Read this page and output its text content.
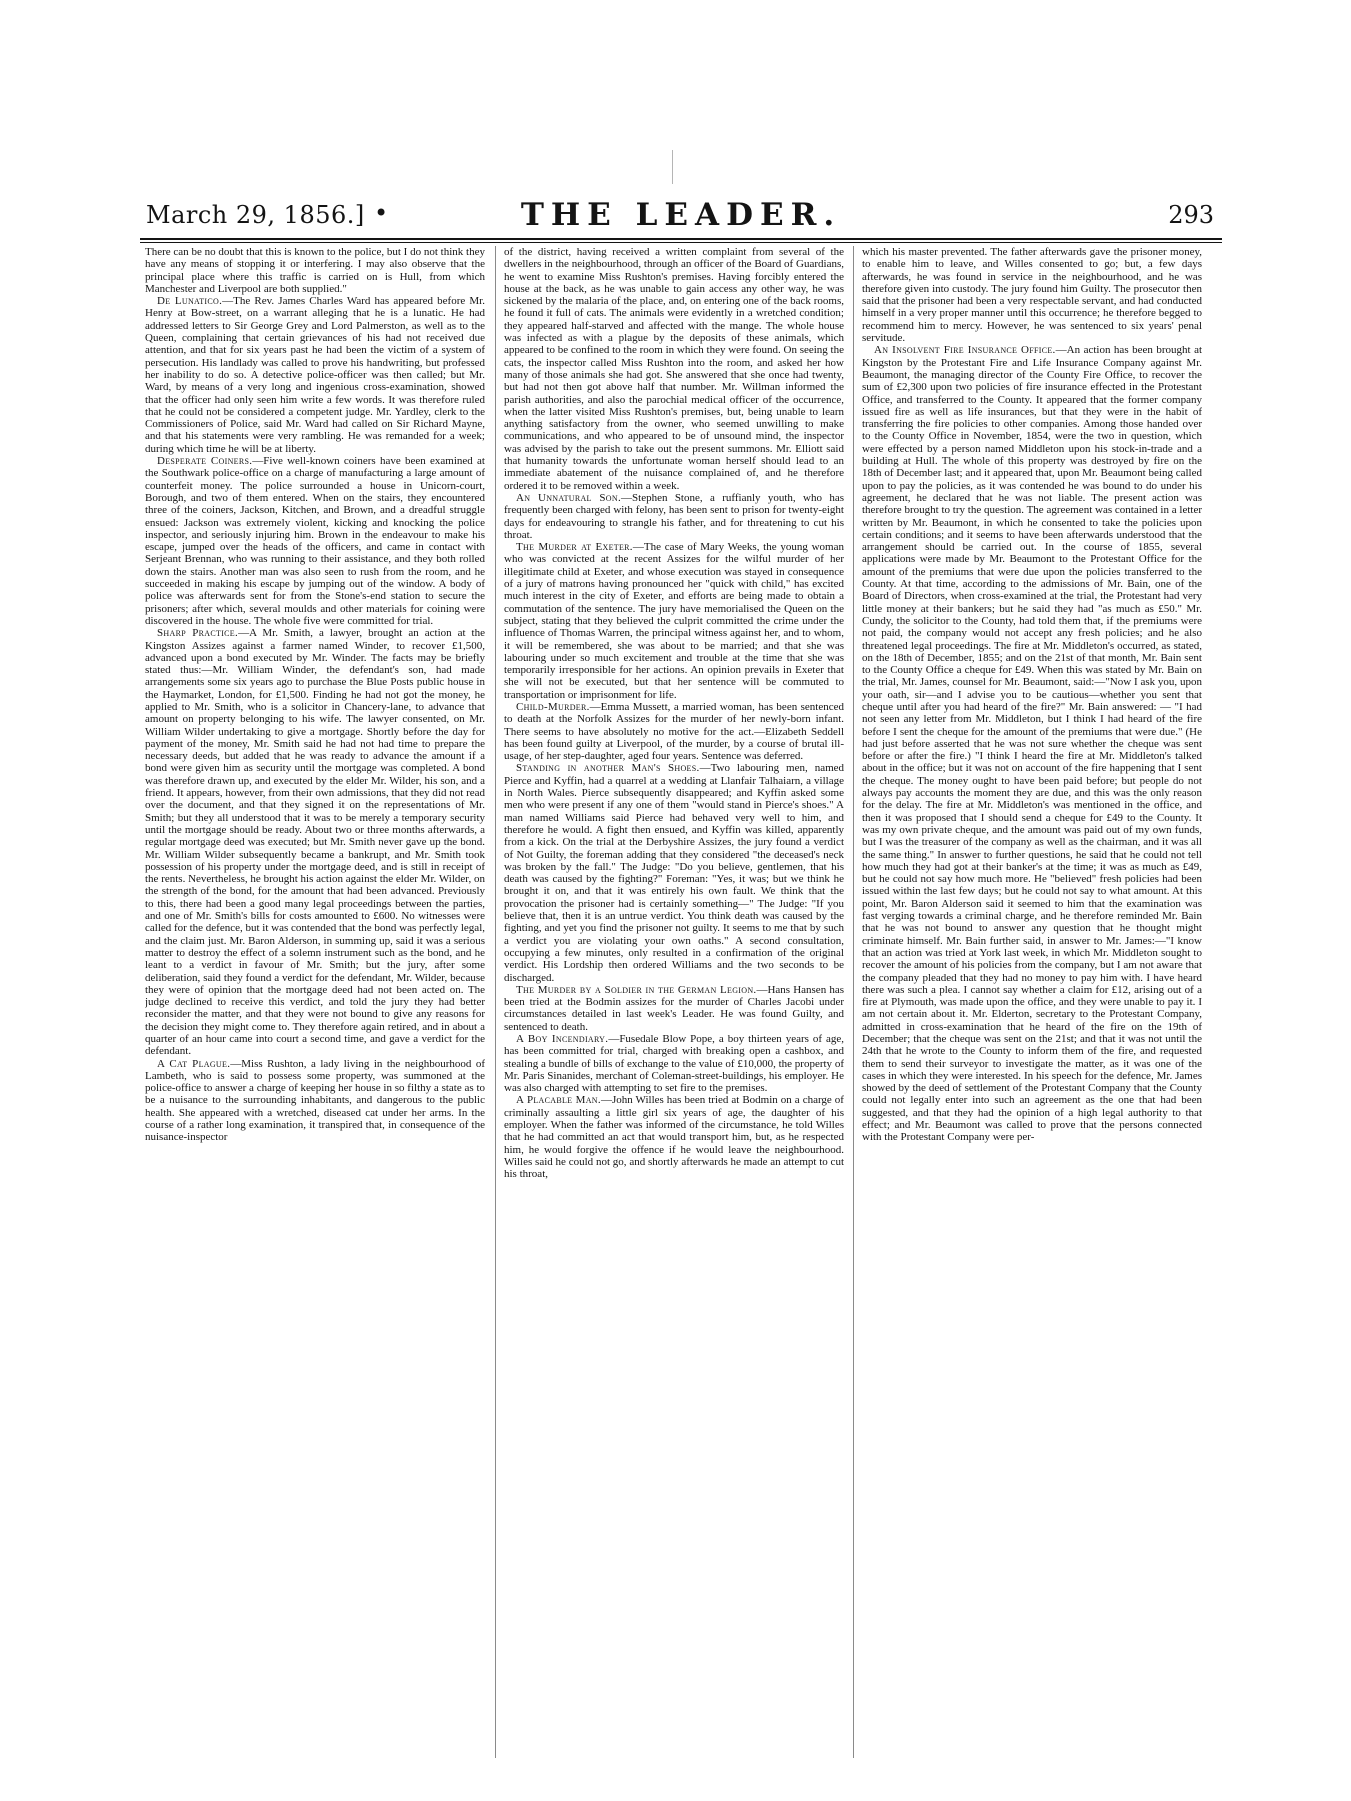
March 29, 1856.] •	THE LEADER.	293

There can be no doubt that this is known to the police, but I do not think they have any means of stopping it or interfering. I may also observe that the principal place where this traffic is carried on is Hull, from which Manchester and Liverpool are both supplied."

De Lunatico.—The Rev. James Charles Ward has appeared before Mr. Henry at Bow-street, on a warrant alleging that he is a lunatic. He had addressed letters to Sir George Grey and Lord Palmerston, as well as to the Queen, complaining that certain grievances of his had not received due attention, and that for six years past he had been the victim of a system of persecution. His landlady was called to prove his handwriting, but professed her inability to do so. A detective police-officer was then called; but Mr. Ward, by means of a very long and ingenious cross-examination, showed that the officer had only seen him write a few words. It was therefore ruled that he could not be considered a competent judge. Mr. Yardley, clerk to the Commissioners of Police, said Mr. Ward had called on Sir Richard Mayne, and that his statements were very rambling. He was remanded for a week; during which time he will be at liberty.

Desperate Coiners.—Five well-known coiners have been examined at the Southwark police-office on a charge of manufacturing a large amount of counterfeit money. The police surrounded a house in Unicorn-court, Borough, and two of them entered. When on the stairs, they encountered three of the coiners, Jackson, Kitchen, and Brown, and a dreadful struggle ensued: Jackson was extremely violent, kicking and knocking the police inspector, and seriously injuring him. Brown in the endeavour to make his escape, jumped over the heads of the officers, and came in contact with Serjeant Brennan, who was running to their assistance, and they both rolled down the stairs. Another man was also seen to rush from the room, and he succeeded in making his escape by jumping out of the window. A body of police was afterwards sent for from the Stone's-end station to secure the prisoners; after which, several moulds and other materials for coining were discovered in the house. The whole five were committed for trial.

Sharp Practice.—A Mr. Smith, a lawyer, brought an action at the Kingston Assizes against a farmer named Winder, to recover £1,500, advanced upon a bond executed by Mr. Winder. The facts may be briefly stated thus:—Mr. William Winder, the defendant's son, had made arrangements some six years ago to purchase the Blue Posts public house in the Haymarket, London, for £1,500. Finding he had not got the money, he applied to Mr. Smith, who is a solicitor in Chancery-lane, to advance that amount on property belonging to his wife. The lawyer consented, on Mr. William Wilder undertaking to give a mortgage. Shortly before the day for payment of the money, Mr. Smith said he had not had time to prepare the necessary deeds, but added that he was ready to advance the amount if a bond were given him as security until the mortgage was completed. A bond was therefore drawn up, and executed by the elder Mr. Wilder, his son, and a friend. It appears, however, from their own admissions, that they did not read over the document, and that they signed it on the representations of Mr. Smith; but they all understood that it was to be merely a temporary security until the mortgage should be ready. About two or three months afterwards, a regular mortgage deed was executed; but Mr. Smith never gave up the bond. Mr. William Wilder subsequently became a bankrupt, and Mr. Smith took possession of his property under the mortgage deed, and is still in receipt of the rents. Nevertheless, he brought his action against the elder Mr. Wilder, on the strength of the bond, for the amount that had been advanced. Previously to this, there had been a good many legal proceedings between the parties, and one of Mr. Smith's bills for costs amounted to £600. No witnesses were called for the defence, but it was contended that the bond was perfectly legal, and the claim just. Mr. Baron Alderson, in summing up, said it was a serious matter to destroy the effect of a solemn instrument such as the bond, and he leant to a verdict in favour of Mr. Smith; but the jury, after some deliberation, said they found a verdict for the defendant, Mr. Wilder, because they were of opinion that the mortgage deed had not been acted on. The judge declined to receive this verdict, and told the jury they had better reconsider the matter, and that they were not bound to give any reasons for the decision they might come to. They therefore again retired, and in about a quarter of an hour came into court a second time, and gave a verdict for the defendant.

A Cat Plague.—Miss Rushton, a lady living in the neighbourhood of Lambeth, who is said to possess some property, was summoned at the police-office to answer a charge of keeping her house in so filthy a state as to be a nuisance to the surrounding inhabitants, and dangerous to the public health. She appeared with a wretched, diseased cat under her arms. In the course of a rather long examination, it transpired that, in consequence of the nuisance-inspector

of the district, having received a written complaint from several of the dwellers in the neighbourhood, through an officer of the Board of Guardians, he went to examine Miss Rushton's premises. Having forcibly entered the house at the back, as he was unable to gain access any other way, he was sickened by the malaria of the place, and, on entering one of the back rooms, he found it full of cats. The animals were evidently in a wretched condition; they appeared half-starved and affected with the mange. The whole house was infected as with a plague by the deposits of these animals, which appeared to be confined to the room in which they were found. On seeing the cats, the inspector called Miss Rushton into the room, and asked her how many of those animals she had got. She answered that she once had twenty, but had not then got above half that number. Mr. Willman informed the parish authorities, and also the parochial medical officer of the occurrence, when the latter visited Miss Rushton's premises, but, being unable to learn anything satisfactory from the owner, who seemed unwilling to make communications, and who appeared to be of unsound mind, the inspector was advised by the parish to take out the present summons. Mr. Elliott said that humanity towards the unfortunate woman herself should lead to an immediate abatement of the nuisance complained of, and he therefore ordered it to be removed within a week.

An Unnatural Son.—Stephen Stone, a ruffianly youth, who has frequently been charged with felony, has been sent to prison for twenty-eight days for endeavouring to strangle his father, and for threatening to cut his throat.

The Murder at Exeter.—The case of Mary Weeks, the young woman who was convicted at the recent Assizes for the wilful murder of her illegitimate child at Exeter, and whose execution was stayed in consequence of a jury of matrons having pronounced her "quick with child," has excited much interest in the city of Exeter, and efforts are being made to obtain a commutation of the sentence. The jury have memorialised the Queen on the subject, stating that they believed the culprit committed the crime under the influence of Thomas Warren, the principal witness against her, and to whom, it will be remembered, she was about to be married; and that she was labouring under so much excitement and trouble at the time that she was temporarily irresponsible for her actions. An opinion prevails in Exeter that she will not be executed, but that her sentence will be commuted to transportation or imprisonment for life.

Child-Murder.—Emma Mussett, a married woman, has been sentenced to death at the Norfolk Assizes for the murder of her newly-born infant. There seems to have absolutely no motive for the act.—Elizabeth Seddell has been found guilty at Liverpool, of the murder, by a course of brutal ill-usage, of her step-daughter, aged four years. Sentence was deferred.

Standing in another Man's Shoes.—Two labouring men, named Pierce and Kyffin, had a quarrel at a wedding at Llanfair Talhaiarn, a village in North Wales. Pierce subsequently disappeared; and Kyffin asked some men who were present if any one of them "would stand in Pierce's shoes." A man named Williams said Pierce had behaved very well to him, and therefore he would. A fight then ensued, and Kyffin was killed, apparently from a kick. On the trial at the Derbyshire Assizes, the jury found a verdict of Not Guilty, the foreman adding that they considered "the deceased's neck was broken by the fall." The Judge: "Do you believe, gentlemen, that his death was caused by the fighting?" Foreman: "Yes, it was; but we think he brought it on, and that it was entirely his own fault. We think that the provocation the prisoner had is certainly something—" The Judge: "If you believe that, then it is an untrue verdict. You think death was caused by the fighting, and yet you find the prisoner not guilty. It seems to me that by such a verdict you are violating your own oaths." A second consultation, occupying a few minutes, only resulted in a confirmation of the original verdict. His Lordship then ordered Williams and the two seconds to be discharged.

The Murder by a Soldier in the German Legion.—Hans Hansen has been tried at the Bodmin assizes for the murder of Charles Jacobi under circumstances detailed in last week's Leader. He was found Guilty, and sentenced to death.

A Boy Incendiary.—Fusedale Blow Pope, a boy thirteen years of age, has been committed for trial, charged with breaking open a cashbox, and stealing a bundle of bills of exchange to the value of £10,000, the property of Mr. Paris Sinanides, merchant of Coleman-street-buildings, his employer. He was also charged with attempting to set fire to the premises.

A Placable Man.—John Willes has been tried at Bodmin on a charge of criminally assaulting a little girl six years of age, the daughter of his employer. When the father was informed of the circumstance, he told Willes that he had committed an act that would transport him, but, as he respected him, he would forgive the offence if he would leave the neighbourhood. Willes said he could not go, and shortly afterwards he made an attempt to cut his throat,

which his master prevented. The father afterwards gave the prisoner money, to enable him to leave, and Willes consented to go; but, a few days afterwards, he was found in service in the neighbourhood, and he was therefore given into custody. The jury found him Guilty. The prosecutor then said that the prisoner had been a very respectable servant, and had conducted himself in a very proper manner until this occurrence; he therefore begged to recommend him to mercy. However, he was sentenced to six years' penal servitude.

An Insolvent Fire Insurance Office.—An action has been brought at Kingston by the Protestant Fire and Life Insurance Company against Mr. Beaumont, the managing director of the County Fire Office, to recover the sum of £2,300 upon two policies of fire insurance effected in the Protestant Office, and transferred to the County. It appeared that the former company issued fire as well as life insurances, but that they were in the habit of transferring the fire policies to other companies. Among those handed over to the County Office in November, 1854, were the two in question, which were effected by a person named Middleton upon his stock-in-trade and a building at Hull. The whole of this property was destroyed by fire on the 18th of December last; and it appeared that, upon Mr. Beaumont being called upon to pay the policies, as it was contended he was bound to do under his agreement, he declared that he was not liable. The present action was therefore brought to try the question. The agreement was contained in a letter written by Mr. Beaumont, in which he consented to take the policies upon certain conditions; and it seems to have been afterwards understood that the arrangement should be carried out. In the course of 1855, several applications were made by Mr. Beaumont to the Protestant Office for the amount of the premiums that were due upon the policies transferred to the County. At that time, according to the admissions of Mr. Bain, one of the Board of Directors, when cross-examined at the trial, the Protestant had very little money at their bankers; but he said they had "as much as £50." Mr. Cundy, the solicitor to the County, had told them that, if the premiums were not paid, the company would not accept any fresh policies; and he also threatened legal proceedings. The fire at Mr. Middleton's occurred, as stated, on the 18th of December, 1855; and on the 21st of that month, Mr. Bain sent to the County Office a cheque for £49. When this was stated by Mr. Bain on the trial, Mr. James, counsel for Mr. Beaumont, said:—"Now I ask you, upon your oath, sir—and I advise you to be cautious—whether you sent that cheque until after you had heard of the fire?" Mr. Bain answered: — "I had not seen any letter from Mr. Middleton, but I think I had heard of the fire before I sent the cheque for the amount of the premiums that were due." (He had just before asserted that he was not sure whether the cheque was sent before or after the fire.) "I think I heard the fire at Mr. Middleton's talked about in the office; but it was not on account of the fire happening that I sent the cheque. The money ought to have been paid before; but people do not always pay accounts the moment they are due, and this was the only reason for the delay. The fire at Mr. Middleton's was mentioned in the office, and then it was proposed that I should send a cheque for £49 to the County. It was my own private cheque, and the amount was paid out of my own funds, but I was the treasurer of the company as well as the chairman, and it was all the same thing." In answer to further questions, he said that he could not tell how much they had got at their banker's at the time; it was as much as £49, but he could not say how much more. He "believed" fresh policies had been issued within the last few days; but he could not say to what amount. At this point, Mr. Baron Alderson said it seemed to him that the examination was fast verging towards a criminal charge, and he therefore reminded Mr. Bain that he was not bound to answer any question that he thought might criminate himself. Mr. Bain further said, in answer to Mr. James:—"I know that an action was tried at York last week, in which Mr. Middleton sought to recover the amount of his policies from the company, but I am not aware that the company pleaded that they had no money to pay him with. I have heard there was such a plea. I cannot say whether a claim for £12, arising out of a fire at Plymouth, was made upon the office, and they were unable to pay it. I am not certain about it. Mr. Elderton, secretary to the Protestant Company, admitted in cross-examination that he heard of the fire on the 19th of December; that the cheque was sent on the 21st; and that it was not until the 24th that he wrote to the County to inform them of the fire, and requested them to send their surveyor to investigate the matter, as it was one of the cases in which they were interested. In his speech for the defence, Mr. James showed by the deed of settlement of the Protestant Company that the County could not legally enter into such an agreement as the one that had been suggested, and that they had the opinion of a high legal authority to that effect; and Mr. Beaumont was called to prove that the persons connected with the Protestant Company were per-
